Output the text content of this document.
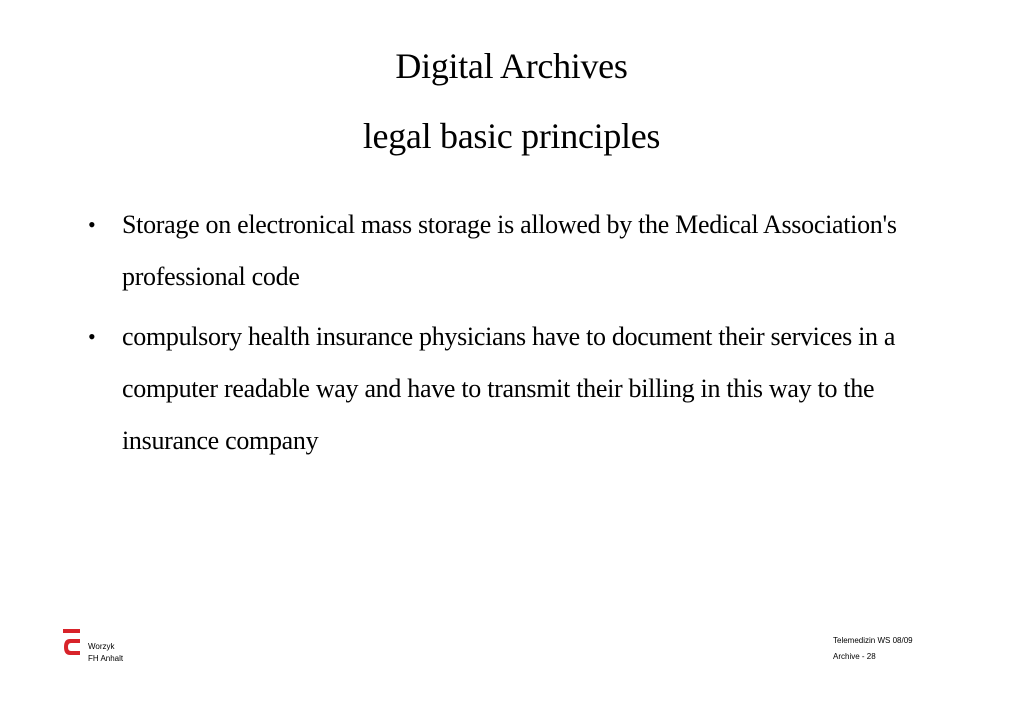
Digital Archives
legal basic principles
• Storage on electronical mass storage is allowed by the Medical Association's professional code
• compulsory health insurance physicians have to document their services in a computer readable way and have to transmit their billing in this way to the insurance company
Worzyk
FH Anhalt
Telemedizin WS 08/09
Archive - 28
